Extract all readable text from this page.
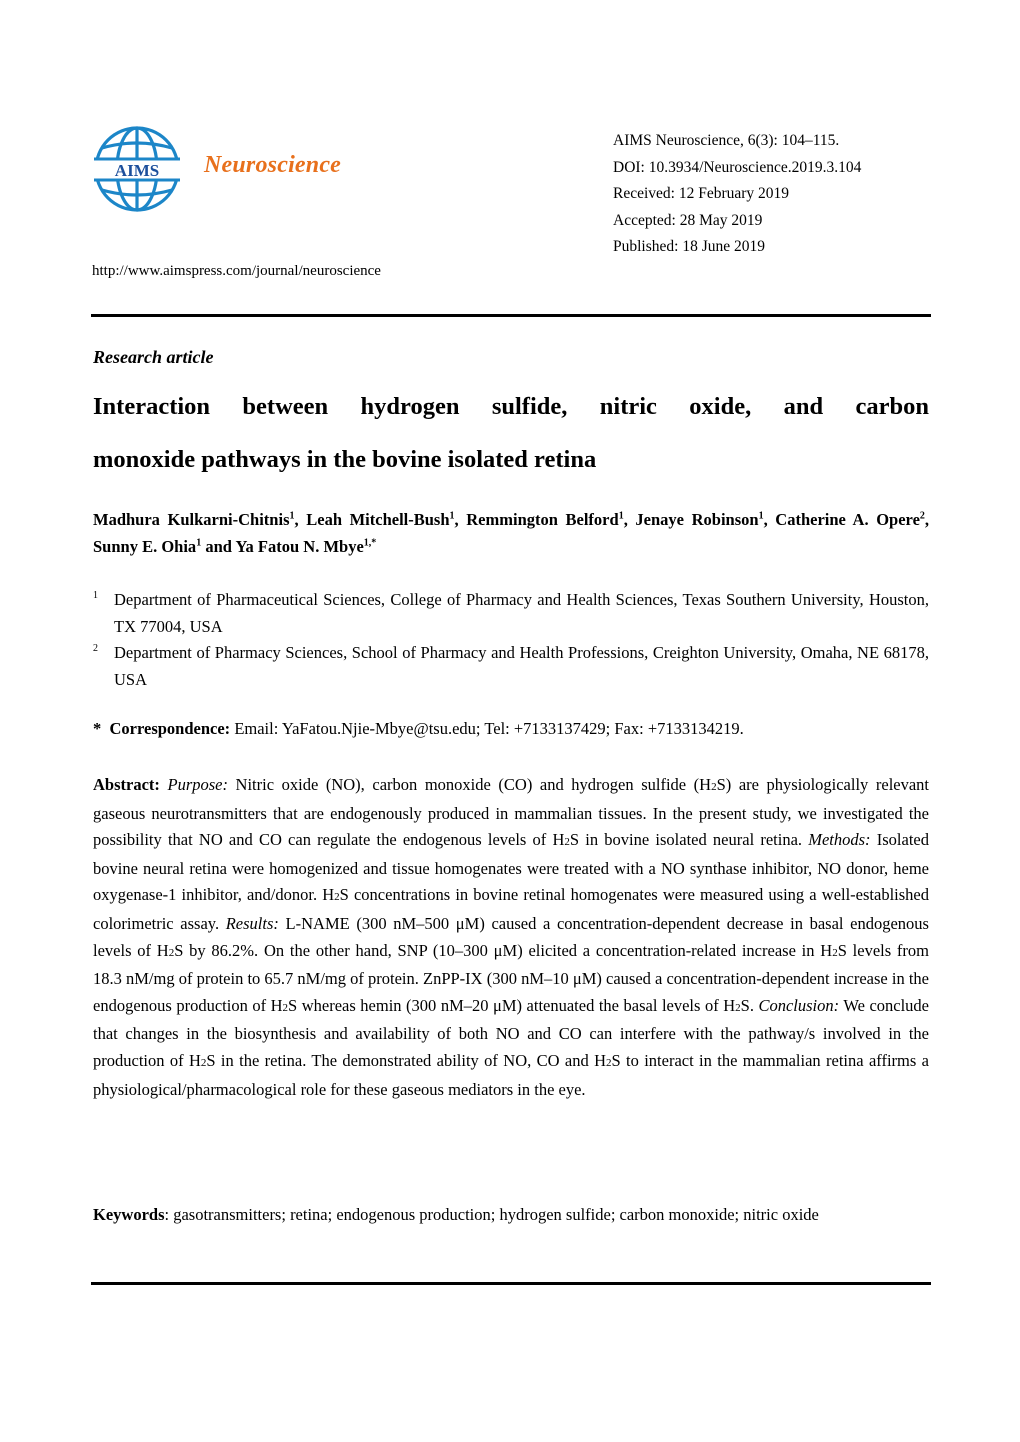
AIMS Neuroscience
http://www.aimspress.com/journal/neuroscience
AIMS Neuroscience, 6(3): 104–115.
DOI: 10.3934/Neuroscience.2019.3.104
Received: 12 February 2019
Accepted: 28 May 2019
Published: 18 June 2019
Research article
Interaction between hydrogen sulfide, nitric oxide, and carbon
monoxide pathways in the bovine isolated retina
Madhura Kulkarni-Chitnis$^1$, Leah Mitchell-Bush$^1$, Remmington Belford$^1$, Jenaye Robinson$^1$, Catherine A. Opere$^2$, Sunny E. Ohia$^1$ and Ya Fatou N. Mbye$^{1,*}$
1 Department of Pharmaceutical Sciences, College of Pharmacy and Health Sciences, Texas Southern University, Houston, TX 77004, USA
2 Department of Pharmacy Sciences, School of Pharmacy and Health Professions, Creighton University, Omaha, NE 68178, USA
* Correspondence: Email: YaFatou.Njie-Mbye@tsu.edu; Tel: +7133137429; Fax: +7133134219.
Abstract: Purpose: Nitric oxide (NO), carbon monoxide (CO) and hydrogen sulfide (H2S) are physiologically relevant gaseous neurotransmitters that are endogenously produced in mammalian tissues. In the present study, we investigated the possibility that NO and CO can regulate the endogenous levels of H2S in bovine isolated neural retina. Methods: Isolated bovine neural retina were homogenized and tissue homogenates were treated with a NO synthase inhibitor, NO donor, heme oxygenase-1 inhibitor, and/donor. H2S concentrations in bovine retinal homogenates were measured using a well-established colorimetric assay. Results: L-NAME (300 nM–500 μM) caused a concentration-dependent decrease in basal endogenous levels of H2S by 86.2%. On the other hand, SNP (10–300 μM) elicited a concentration-related increase in H2S levels from 18.3 nM/mg of protein to 65.7 nM/mg of protein. ZnPP-IX (300 nM–10 μM) caused a concentration-dependent increase in the endogenous production of H2S whereas hemin (300 nM–20 μM) attenuated the basal levels of H2S. Conclusion: We conclude that changes in the biosynthesis and availability of both NO and CO can interfere with the pathway/s involved in the production of H2S in the retina. The demonstrated ability of NO, CO and H2S to interact in the mammalian retina affirms a physiological/pharmacological role for these gaseous mediators in the eye.
Keywords: gasotransmitters; retina; endogenous production; hydrogen sulfide; carbon monoxide; nitric oxide
